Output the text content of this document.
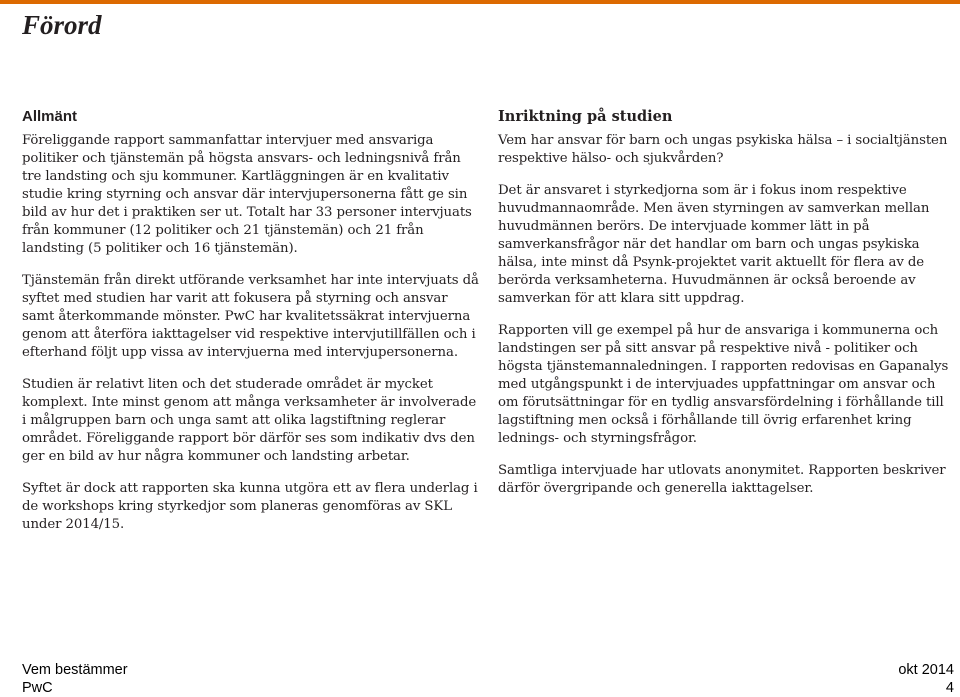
Förord
Allmänt

Föreliggande rapport sammanfattar intervjuer med ansvariga politiker och tjänstemän på högsta ansvars- och ledningsnivå från tre landsting och sju kommuner. Kartläggningen är en kvalitativ studie kring styrning och ansvar där intervjupersonerna fått ge sin bild av hur det i praktiken ser ut. Totalt har 33 personer intervjuats från kommuner (12 politiker och 21 tjänstemän) och 21 från landsting (5 politiker och 16 tjänstemän).

Tjänstemän från direkt utförande verksamhet har inte intervjuats då syftet med studien har varit att fokusera på styrning och ansvar samt återkommande mönster. PwC har kvalitetssäkrat intervjuerna genom att återföra iakttagelser vid respektive intervjutillfällen och i efterhand följt upp vissa av intervjuerna med intervjupersonerna.

Studien är relativt liten och det studerade området är mycket komplext. Inte minst genom att många verksamheter är involverade i målgruppen barn och unga samt att olika lagstiftning reglerar området. Föreliggande rapport bör därför ses som indikativ dvs den ger en bild av hur några kommuner och landsting arbetar.

Syftet är dock att rapporten ska kunna utgöra ett av flera underlag i de workshops kring styrkedjor som planeras genomföras av SKL under 2014/15.

Inriktning på studien

Vem har ansvar för barn och ungas psykiska hälsa – i socialtjänsten respektive hälso- och sjukvården?

Det är ansvaret i styrkedjorna som är i fokus inom respektive huvudmannaområde. Men även styrningen av samverkan mellan huvudmännen berörs. De intervjuade kommer lätt in på samverkansfrågor när det handlar om barn och ungas psykiska hälsa, inte minst då Psynk-projektet varit aktuellt för flera av de berörda verksamheterna. Huvudmännen är också beroende av samverkan för att klara sitt uppdrag.

Rapporten vill ge exempel på hur de ansvariga i kommunerna och landstingen ser på sitt ansvar på respektive nivå - politiker och högsta tjänstemannaledningen. I rapporten redovisas en Gapanalys med utgångspunkt i de intervjuades uppfattningar om ansvar och om förutsättningar för en tydlig ansvarsfördelning i förhållande till lagstiftning men också i förhållande till övrig erfarenhet kring lednings- och styrningsfrågor.

Samtliga intervjuade har utlovats anonymitet. Rapporten beskriver därför övergripande och generella iakttagelser.

Vem bestämmer	okt 2014
PwC	4
